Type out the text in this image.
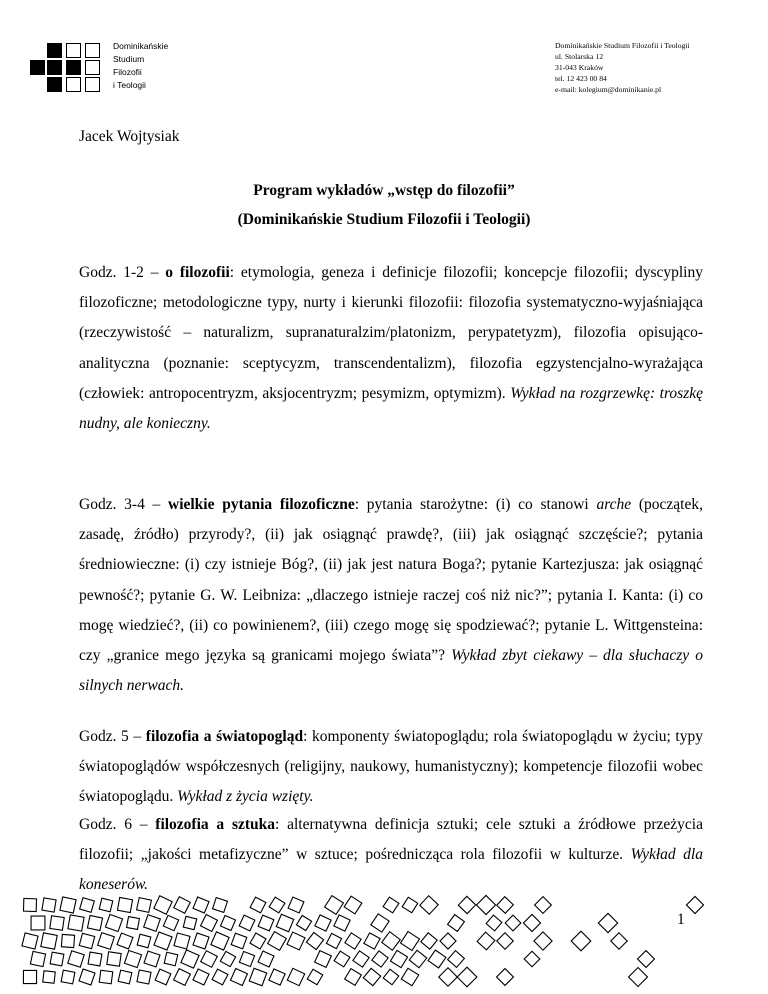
Dominikańskie
Studium
Filozofii
i Teologii
Dominikańskie Studium Filozofii i Teologii
ul. Stolarska 12
31-043 Kraków
tel. 12 423 00 84
e-mail: kolegium@dominikanie.pl
Jacek Wojtysiak
Program wykładów „wstęp do filozofii”
(Dominikańskie Studium Filozofii i Teologii)
Godz. 1-2 – o filozofii: etymologia, geneza i definicje filozofii; koncepcje filozofii; dyscypliny filozoficzne; metodologiczne typy, nurty i kierunki filozofii: filozofia systematyczno-wyjaśniająca (rzeczywistość – naturalizm, supranaturalzim/platonizm, perypatetyzm), filozofia opisująco-analityczna (poznanie: sceptycyzm, transcendentalizm), filozofia egzystencjalno-wyrażająca (człowiek: antropocentryzm, aksjocentryzm; pesymizm, optymizm). Wykład na rozgrzewkę: troszkę nudny, ale konieczny.
Godz. 3-4 – wielkie pytania filozoficzne: pytania starożytne: (i) co stanowi arche (początek, zasadę, źródło) przyrody?, (ii) jak osiągnąć prawdę?, (iii) jak osiągnąć szczęście?; pytania średniowieczne: (i) czy istnieje Bóg?, (ii) jak jest natura Boga?; pytanie Kartezjusza: jak osiągnąć pewność?; pytanie G. W. Leibniza: „dlaczego istnieje raczej coś niż nic?”; pytania I. Kanta: (i) co mogę wiedzieć?, (ii) co powinienem?, (iii) czego mogę się spodziewać?; pytanie L. Wittgensteina: czy „granice mego języka są granicami mojego świata”? Wykład zbyt ciekawy – dla słuchaczy o silnych nerwach.
Godz. 5 – filozofia a światopogląd: komponenty światopoglądu; rola światopoglądu w życiu; typy światopoglądów współczesnych (religijny, naukowy, humanistyczny); kompetencje filozofii wobec światopoglądu. Wykład z życia wzięty.
Godz. 6 – filozofia a sztuka: alternatywna definicja sztuki; cele sztuki a źródłowe przeżycia filozofii; „jakości metafizyczne” w sztuce; pośrednicząca rola filozofii w kulturze. Wykład dla koneserów.
1
